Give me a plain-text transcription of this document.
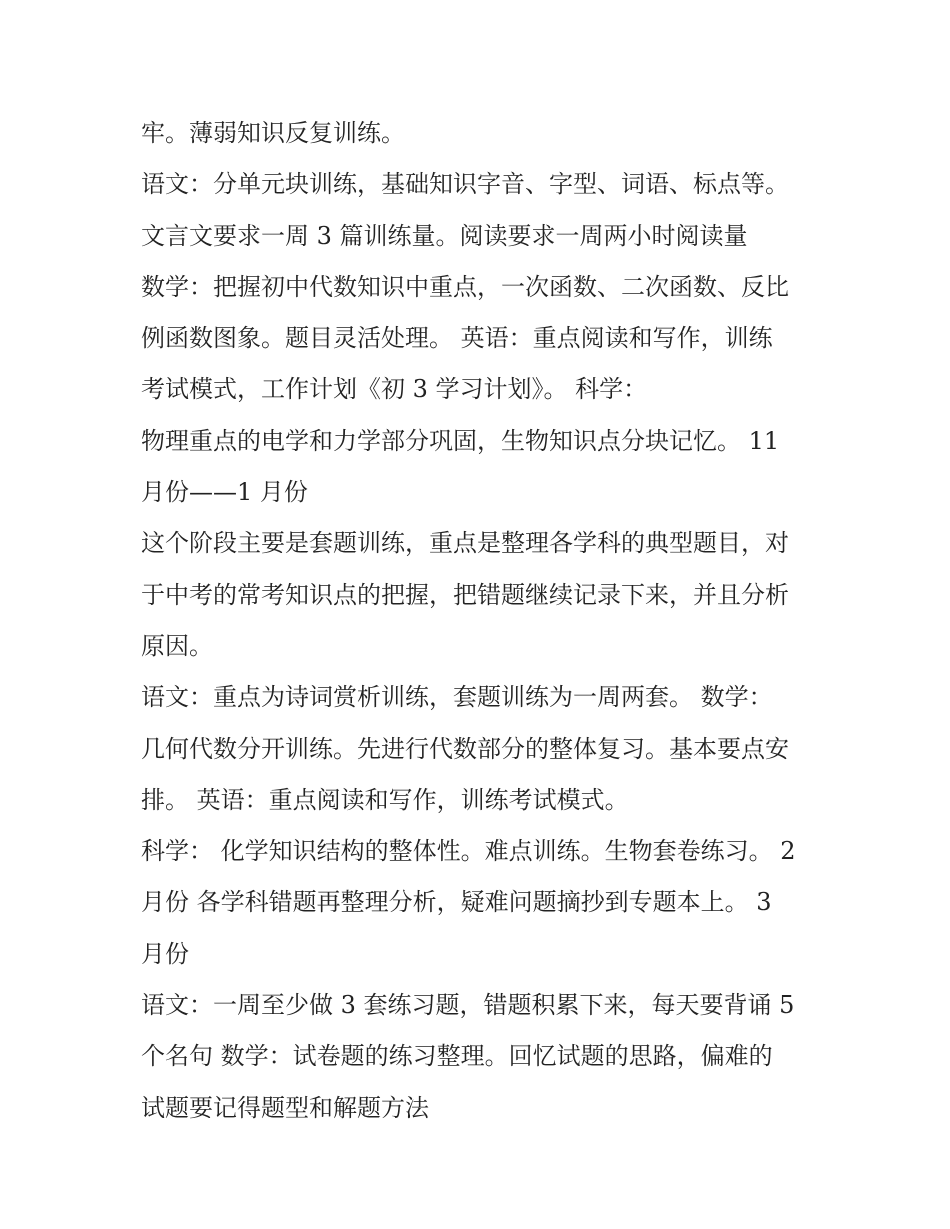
牢。薄弱知识反复训练。
语文：分单元块训练，基础知识字音、字型、词语、标点等。
文言文要求一周 3 篇训练量。阅读要求一周两小时阅读量
数学：把握初中代数知识中重点，一次函数、二次函数、反比
例函数图象。题目灵活处理。 英语：重点阅读和写作，训练
考试模式，工作计划《初 3 学习计划》。 科学：
物理重点的电学和力学部分巩固，生物知识点分块记忆。 11
月份——1 月份
这个阶段主要是套题训练，重点是整理各学科的典型题目，对
于中考的常考知识点的把握，把错题继续记录下来，并且分析
原因。
语文：重点为诗词赏析训练，套题训练为一周两套。 数学：
几何代数分开训练。先进行代数部分的整体复习。基本要点安
排。 英语：重点阅读和写作，训练考试模式。
科学： 化学知识结构的整体性。难点训练。生物套卷练习。 2
月份 各学科错题再整理分析，疑难问题摘抄到专题本上。 3
月份
语文：一周至少做 3 套练习题，错题积累下来，每天要背诵 5
个名句 数学：试卷题的练习整理。回忆试题的思路，偏难的
试题要记得题型和解题方法
